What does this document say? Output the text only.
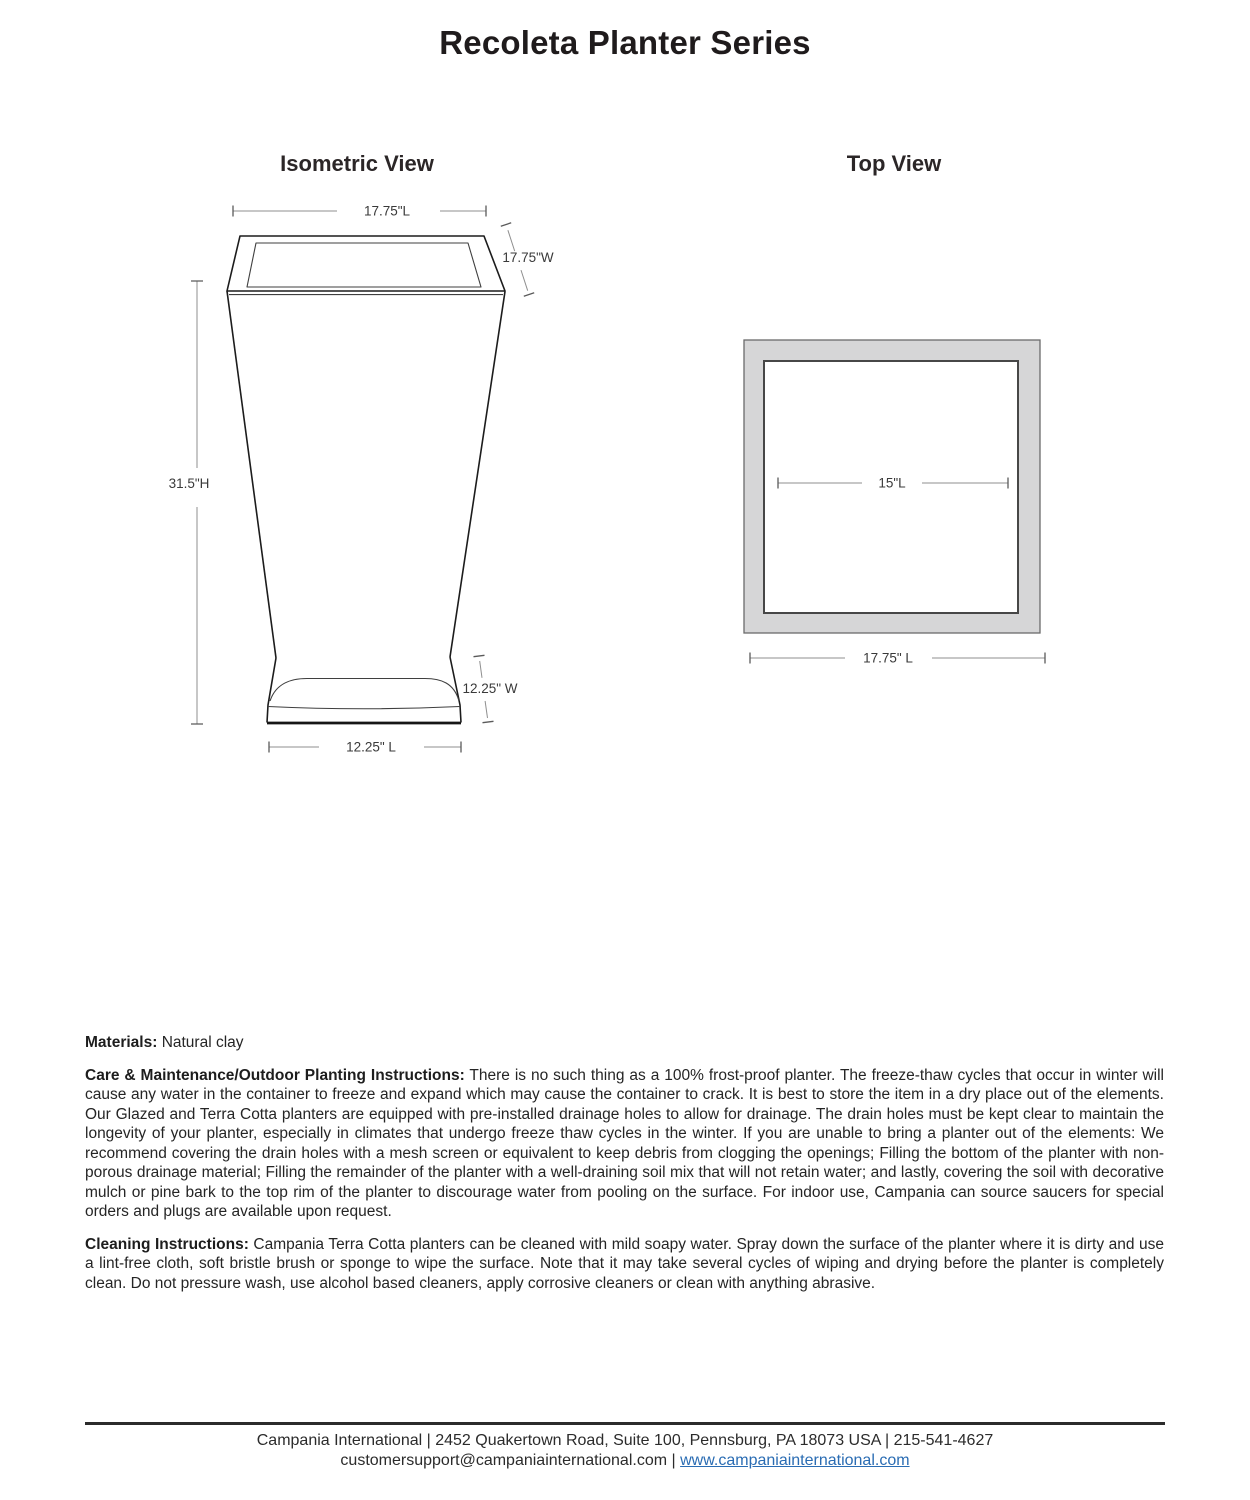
Recoleta Planter Series
Isometric View	Top View
17.75"L
17.75"W
31.5"H
12.25" W
12.25" L
15"L
17.75" L

Materials: Natural clay

Care & Maintenance/Outdoor Planting Instructions: There is no such thing as a 100% frost-proof planter. The freeze-thaw cycles that occur in winter will cause any water in the container to freeze and expand which may cause the container to crack. It is best to store the item in a dry place out of the elements. Our Glazed and Terra Cotta planters are equipped with pre-installed drainage holes to allow for drainage. The drain holes must be kept clear to maintain the longevity of your planter, especially in climates that undergo freeze thaw cycles in the winter. If you are unable to bring a planter out of the elements: We recommend covering the drain holes with a mesh screen or equivalent to keep debris from clogging the openings; Filling the bottom of the planter with non-porous drainage material; Filling the remainder of the planter with a well-draining soil mix that will not retain water; and lastly, covering the soil with decorative mulch or pine bark to the top rim of the planter to discourage water from pooling on the surface. For indoor use, Campania can source saucers for special orders and plugs are available upon request.

Cleaning Instructions: Campania Terra Cotta planters can be cleaned with mild soapy water. Spray down the surface of the planter where it is dirty and use a lint-free cloth, soft bristle brush or sponge to wipe the surface. Note that it may take several cycles of wiping and drying before the planter is completely clean. Do not pressure wash, use alcohol based cleaners, apply corrosive cleaners or clean with anything abrasive.

Campania International | 2452 Quakertown Road, Suite 100, Pennsburg, PA 18073 USA | 215-541-4627
customersupport@campaniainternational.com | www.campaniainternational.com
